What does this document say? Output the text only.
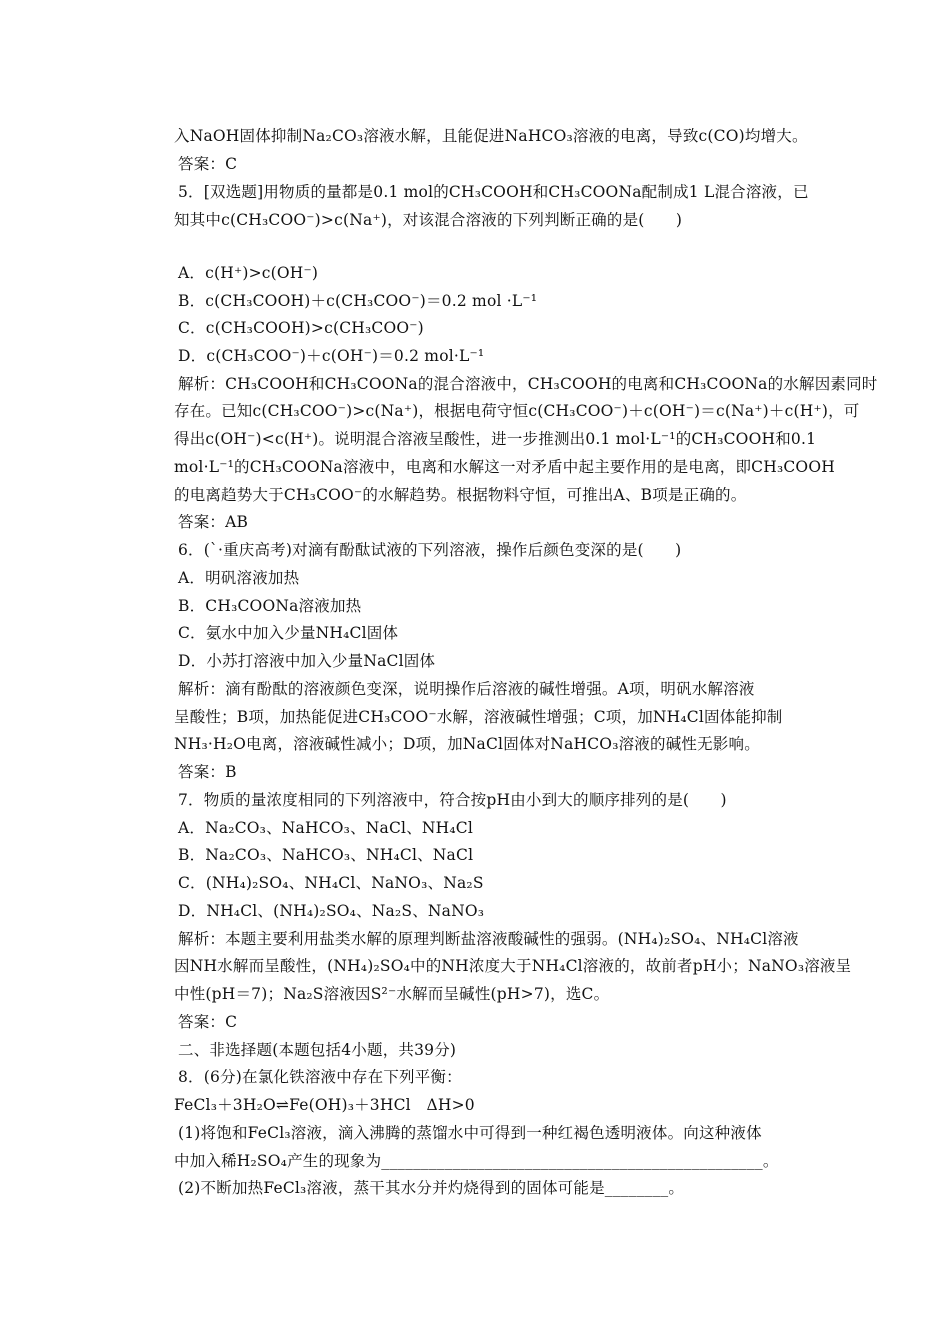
入NaOH固体抑制Na₂CO₃溶液水解，且能促进NaHCO₃溶液的电离，导致c(CO)均增大。
答案：C
5．[双选题]用物质的量都是0.1 mol的CH₃COOH和CH₃COONa配制成1 L混合溶液，已
知其中c(CH₃COO⁻)>c(Na⁺)，对该混合溶液的下列判断正确的是(　　)
A．c(H⁺)>c(OH⁻)
B．c(CH₃COOH)＋c(CH₃COO⁻)＝0.2 mol ·L⁻¹
C．c(CH₃COOH)>c(CH₃COO⁻)
D．c(CH₃COO⁻)＋c(OH⁻)＝0.2 mol·L⁻¹
解析：CH₃COOH和CH₃COONa的混合溶液中，CH₃COOH的电离和CH₃COONa的水解因素同时
存在。已知c(CH₃COO⁻)>c(Na⁺)，根据电荷守恒c(CH₃COO⁻)＋c(OH⁻)＝c(Na⁺)＋c(H⁺)，可
得出c(OH⁻)<c(H⁺)。说明混合溶液呈酸性，进一步推测出0.1 mol·L⁻¹的CH₃COOH和0.1
mol·L⁻¹的CH₃COONa溶液中，电离和水解这一对矛盾中起主要作用的是电离，即CH₃COOH
的电离趋势大于CH₃COO⁻的水解趋势。根据物料守恒，可推出A、B项是正确的。
答案：AB
6．(`·重庆高考)对滴有酚酞试液的下列溶液，操作后颜色变深的是(　　)
A．明矾溶液加热
B．CH₃COONa溶液加热
C．氨水中加入少量NH₄Cl固体
D．小苏打溶液中加入少量NaCl固体
解析：滴有酚酞的溶液颜色变深，说明操作后溶液的碱性增强。A项，明矾水解溶液
呈酸性；B项，加热能促进CH₃COO⁻水解，溶液碱性增强；C项，加NH₄Cl固体能抑制
NH₃·H₂O电离，溶液碱性减小；D项，加NaCl固体对NaHCO₃溶液的碱性无影响。
答案：B
7．物质的量浓度相同的下列溶液中，符合按pH由小到大的顺序排列的是(　　)
A．Na₂CO₃、NaHCO₃、NaCl、NH₄Cl
B．Na₂CO₃、NaHCO₃、NH₄Cl、NaCl
C．(NH₄)₂SO₄、NH₄Cl、NaNO₃、Na₂S
D．NH₄Cl、(NH₄)₂SO₄、Na₂S、NaNO₃
解析：本题主要利用盐类水解的原理判断盐溶液酸碱性的强弱。(NH₄)₂SO₄、NH₄Cl溶液
因NH水解而呈酸性，(NH₄)₂SO₄中的NH浓度大于NH₄Cl溶液的，故前者pH小；NaNO₃溶液呈
中性(pH＝7)；Na₂S溶液因S²⁻水解而呈碱性(pH>7)，选C。
答案：C
二、非选择题(本题包括4小题，共39分)
8．(6分)在氯化铁溶液中存在下列平衡：
FeCl₃＋3H₂O⇌Fe(OH)₃＋3HCl　ΔH>0
(1)将饱和FeCl₃溶液，滴入沸腾的蒸馏水中可得到一种红褐色透明液体。向这种液体
中加入稀H₂SO₄产生的现象为________________________________________________。
(2)不断加热FeCl₃溶液，蒸干其水分并灼烧得到的固体可能是________。
